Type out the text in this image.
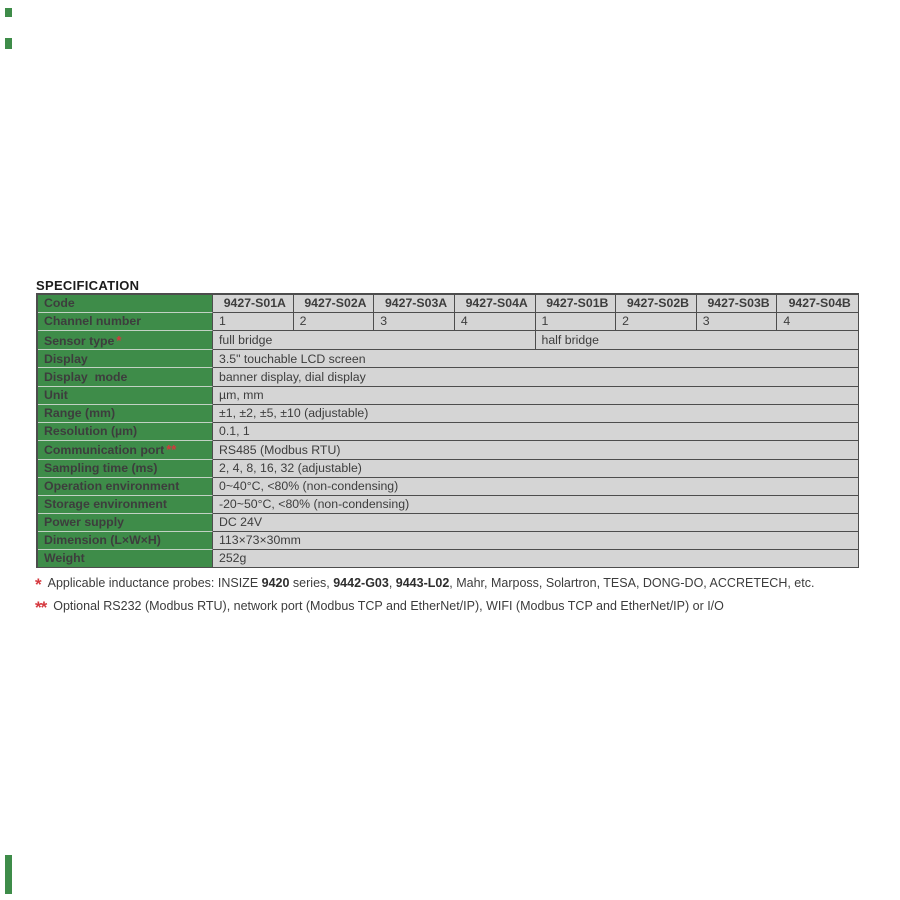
SPECIFICATION
Code	9427-S01A	9427-S02A	9427-S03A	9427-S04A	9427-S01B	9427-S02B	9427-S03B	9427-S04B
Channel number	1	2	3	4	1	2	3	4
Sensor type *	full bridge				half bridge			
Display	3.5" touchable LCD screen							
Display  mode	banner display, dial display							
Unit	µm, mm							
Range (mm)	±1, ±2, ±5, ±10 (adjustable)							
Resolution (µm)	0.1, 1							
Communication port **	RS485 (Modbus RTU)							
Sampling time (ms)	2, 4, 8, 16, 32 (adjustable)							
Operation environment	0~40°C, <80% (non-condensing)							
Storage environment	-20~50°C, <80% (non-condensing)							
Power supply	DC 24V							
Dimension (L×W×H)	113×73×30mm							
Weight	252g							
* Applicable inductance probes: INSIZE 9420 series, 9442-G03, 9443-L02, Mahr, Marposs, Solartron, TESA, DONG-DO, ACCRETECH, etc.
** Optional RS232 (Modbus RTU), network port (Modbus TCP and EtherNet/IP), WIFI (Modbus TCP and EtherNet/IP) or I/O
